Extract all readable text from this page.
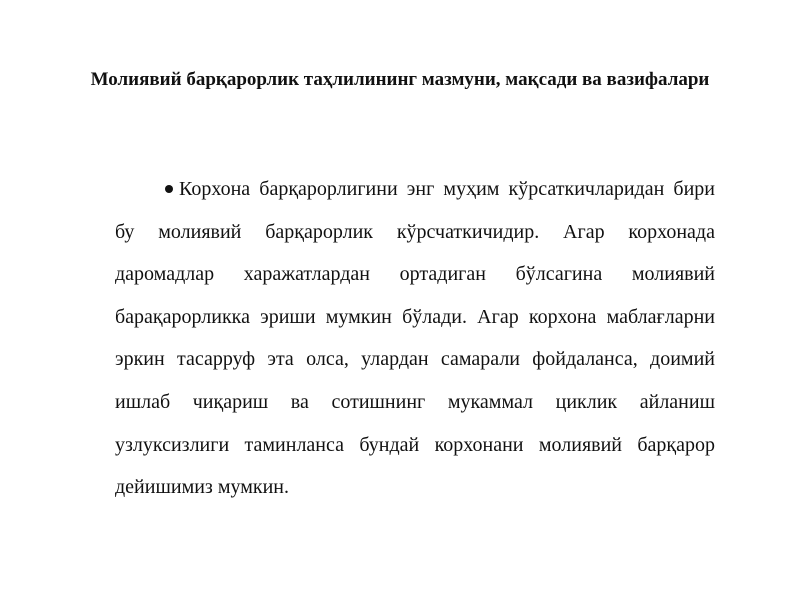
Молиявий барқарорлик таҳлилининг мазмуни, мақсади ва вазифалари
Корхона барқарорлигини энг муҳим кўрсаткичларидан бири бу молиявий барқарорлик кўрсчаткичидир. Агар корхонада даромадлар харажатлардан ортадиган бўлсагина молиявий барақарорликка эриши мумкин бўлади. Агар корхона маблағларни эркин тасарруф эта олса, улардан самарали фойдаланса, доимий ишлаб чиқариш ва сотишнинг мукаммал циклик айланиш узлуксизлиги таминланса бундай корхонани молиявий барқарор дейишимиз мумкин.
